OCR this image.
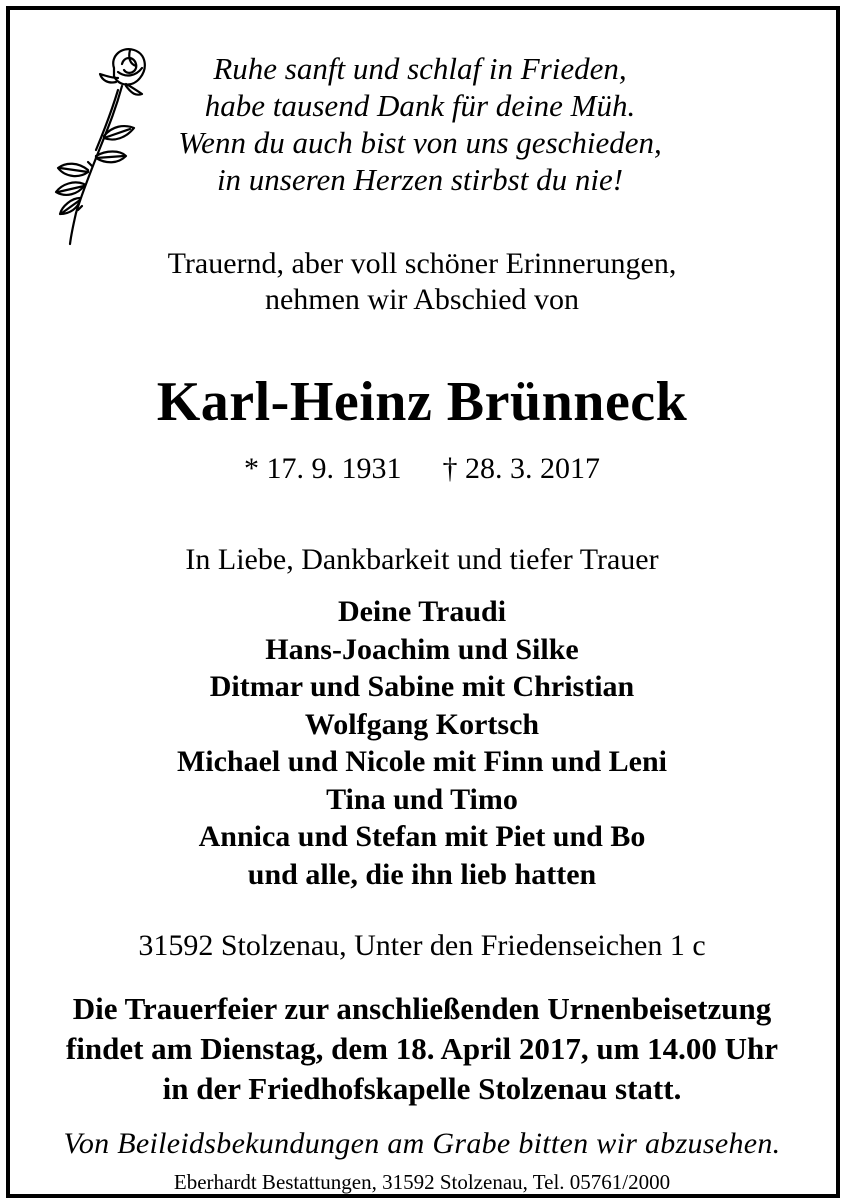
Ruhe sanft und schlaf in Frieden,
habe tausend Dank für deine Müh.
Wenn du auch bist von uns geschieden,
in unseren Herzen stirbst du nie!
Trauernd, aber voll schöner Erinnerungen,
nehmen wir Abschied von
Karl-Heinz Brünneck
* 17. 9. 1931 † 28. 3. 2017
In Liebe, Dankbarkeit und tiefer Trauer
Deine Traudi
Hans-Joachim und Silke
Ditmar und Sabine mit Christian
Wolfgang Kortsch
Michael und Nicole mit Finn und Leni
Tina und Timo
Annica und Stefan mit Piet und Bo
und alle, die ihn lieb hatten
31592 Stolzenau, Unter den Friedenseichen 1 c
Die Trauerfeier zur anschließenden Urnenbeisetzung
findet am Dienstag, dem 18. April 2017, um 14.00 Uhr
in der Friedhofskapelle Stolzenau statt.
Von Beileidsbekundungen am Grabe bitten wir abzusehen.
Eberhardt Bestattungen, 31592 Stolzenau, Tel. 05761/2000
